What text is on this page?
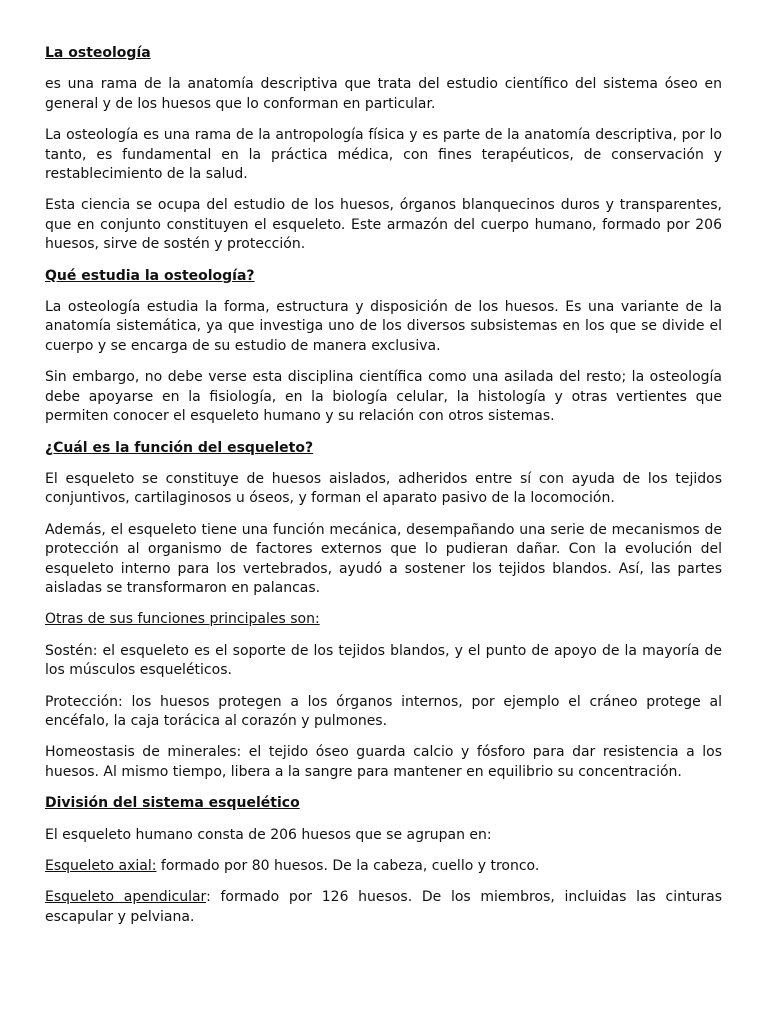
La osteología

es una rama de la anatomía descriptiva que trata del estudio científico del sistema óseo en general y de los huesos que lo conforman en particular.

La osteología es una rama de la antropología física y es parte de la anatomía descriptiva, por lo tanto, es fundamental en la práctica médica, con fines terapéuticos, de conservación y restablecimiento de la salud.

Esta ciencia se ocupa del estudio de los huesos, órganos blanquecinos duros y transparentes, que en conjunto constituyen el esqueleto. Este armazón del cuerpo humano, formado por 206 huesos, sirve de sostén y protección.

Qué estudia la osteología?

La osteología estudia la forma, estructura y disposición de los huesos. Es una variante de la anatomía sistemática, ya que investiga uno de los diversos subsistemas en los que se divide el cuerpo y se encarga de su estudio de manera exclusiva.

Sin embargo, no debe verse esta disciplina científica como una asilada del resto; la osteología debe apoyarse en la fisiología, en la biología celular, la histología y otras vertientes que permiten conocer el esqueleto humano y su relación con otros sistemas.

¿Cuál es la función del esqueleto?

El esqueleto se constituye de huesos aislados, adheridos entre sí con ayuda de los tejidos conjuntivos, cartilaginosos u óseos, y forman el aparato pasivo de la locomoción.

Además, el esqueleto tiene una función mecánica, desempañando una serie de mecanismos de protección al organismo de factores externos que lo pudieran dañar. Con la evolución del esqueleto interno para los vertebrados, ayudó a sostener los tejidos blandos. Así, las partes aisladas se transformaron en palancas.

Otras de sus funciones principales son:

Sostén: el esqueleto es el soporte de los tejidos blandos, y el punto de apoyo de la mayoría de los músculos esqueléticos.

Protección: los huesos protegen a los órganos internos, por ejemplo el cráneo protege al encéfalo, la caja torácica al corazón y pulmones.

Homeostasis de minerales: el tejido óseo guarda calcio y fósforo para dar resistencia a los huesos. Al mismo tiempo, libera a la sangre para mantener en equilibrio su concentración.

División del sistema esquelético

El esqueleto humano consta de 206 huesos que se agrupan en:

Esqueleto axial: formado por 80 huesos. De la cabeza, cuello y tronco.

Esqueleto apendicular: formado por 126 huesos. De los miembros, incluidas las cinturas escapular y pelviana.
